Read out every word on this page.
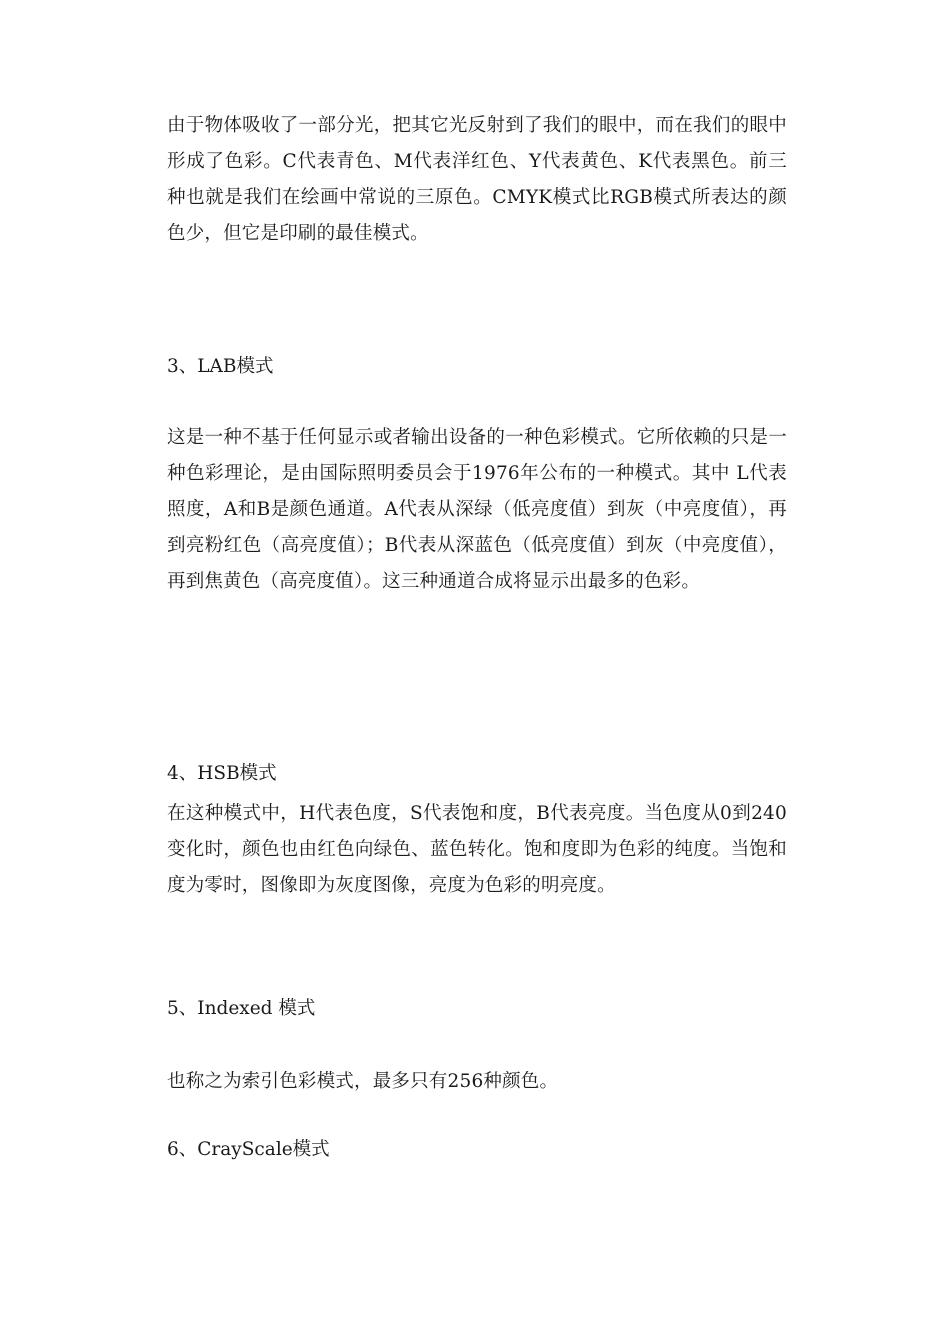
由于物体吸收了一部分光，把其它光反射到了我们的眼中，而在我们的眼中形成了色彩。C代表青色、M代表洋红色、Y代表黄色、K代表黑色。前三种也就是我们在绘画中常说的三原色。CMYK模式比RGB模式所表达的颜色少，但它是印刷的最佳模式。

3、LAB模式

这是一种不基于任何显示或者输出设备的一种色彩模式。它所依赖的只是一种色彩理论，是由国际照明委员会于1976年公布的一种模式。其中 L代表照度，A和B是颜色通道。A代表从深绿（低亮度值）到灰（中亮度值），再到亮粉红色（高亮度值）；B代表从深蓝色（低亮度值）到灰（中亮度值），再到焦黄色（高亮度值）。这三种通道合成将显示出最多的色彩。

4、HSB模式

在这种模式中，H代表色度，S代表饱和度，B代表亮度。当色度从0到240变化时，颜色也由红色向绿色、蓝色转化。饱和度即为色彩的纯度。当饱和度为零时，图像即为灰度图像，亮度为色彩的明亮度。

5、Indexed 模式

也称之为索引色彩模式，最多只有256种颜色。

6、CrayScale模式
